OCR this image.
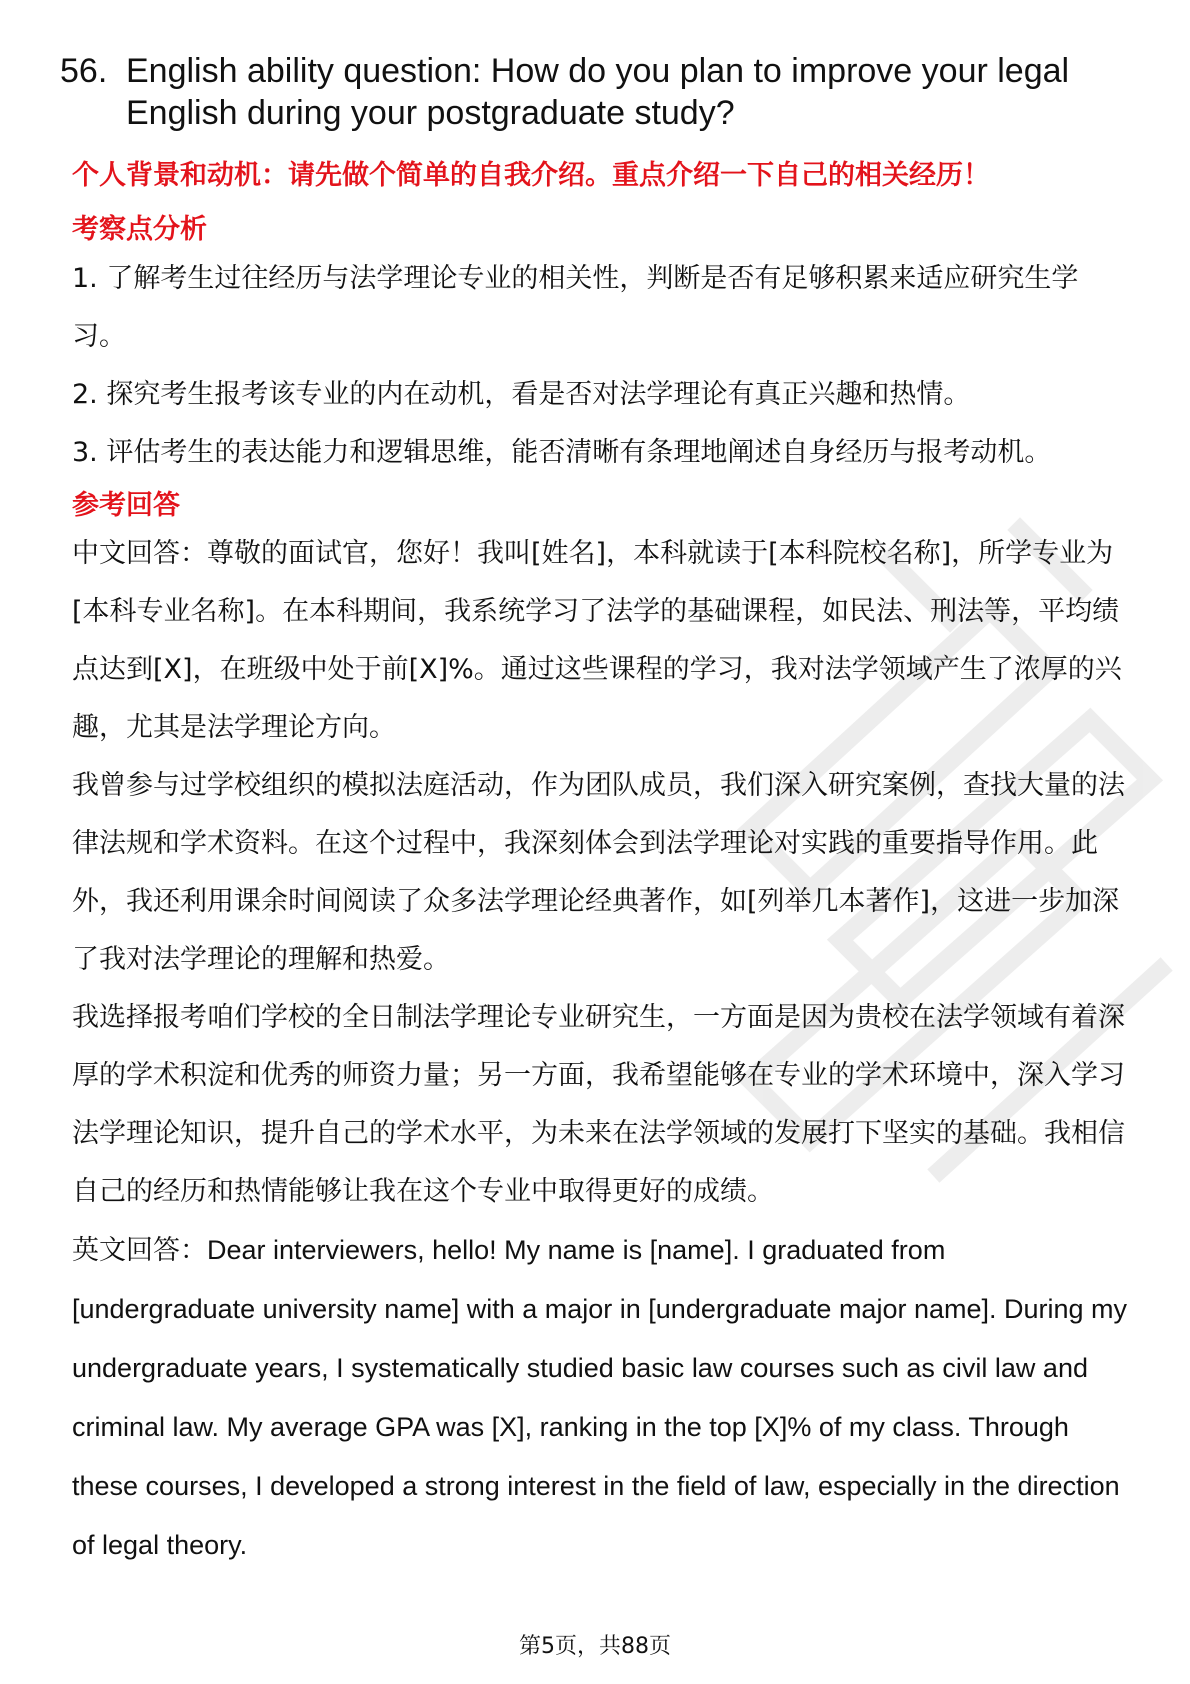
56. English ability question: How do you plan to improve your legal English during your postgraduate study?
个人背景和动机：请先做个简单的自我介绍。重点介绍一下自己的相关经历！
考察点分析

1. 了解考生过往经历与法学理论专业的相关性，判断是否有足够积累来适应研究生学习。

2. 探究考生报考该专业的内在动机，看是否对法学理论有真正兴趣和热情。

3. 评估考生的表达能力和逻辑思维，能否清晰有条理地阐述自身经历与报考动机。

参考回答

中文回答：尊敬的面试官，您好！我叫[姓名]，本科就读于[本科院校名称]，所学专业为[本科专业名称]。在本科期间，我系统学习了法学的基础课程，如民法、刑法等，平均绩点达到[X]，在班级中处于前[X]%。通过这些课程的学习，我对法学领域产生了浓厚的兴趣，尤其是法学理论方向。

我曾参与过学校组织的模拟法庭活动，作为团队成员，我们深入研究案例，查找大量的法律法规和学术资料。在这个过程中，我深刻体会到法学理论对实践的重要指导作用。此外，我还利用课余时间阅读了众多法学理论经典著作，如[列举几本著作]，这进一步加深了我对法学理论的理解和热爱。

我选择报考咱们学校的全日制法学理论专业研究生，一方面是因为贵校在法学领域有着深厚的学术积淀和优秀的师资力量；另一方面，我希望能够在专业的学术环境中，深入学习法学理论知识，提升自己的学术水平，为未来在法学领域的发展打下坚实的基础。我相信自己的经历和热情能够让我在这个专业中取得更好的成绩。

英文回答：Dear interviewers, hello! My name is [name]. I graduated from [undergraduate university name] with a major in [undergraduate major name]. During my undergraduate years, I systematically studied basic law courses such as civil law and criminal law. My average GPA was [X], ranking in the top [X]% of my class. Through these courses, I developed a strong interest in the field of law, especially in the direction of legal theory.

第5页，共88页
